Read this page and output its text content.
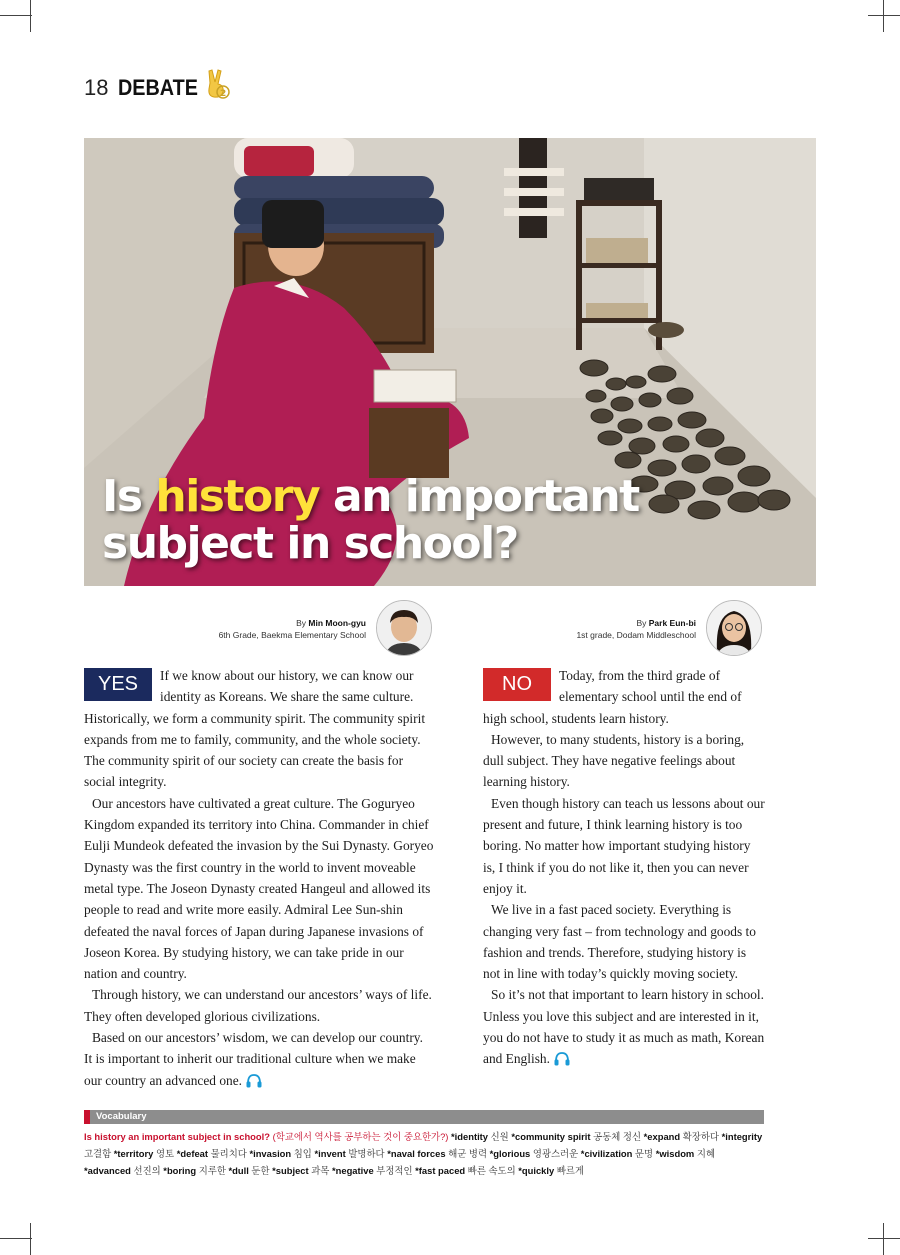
18 DEBATE 2
Is history an important
subject in school?
By Min Moon-gyu
6th Grade, Baekma Elementary School
By Park Eun-bi
1st grade, Dodam Middleschool

YES	If we know about our history, we can know our identity as Koreans. We share the same culture. Historically, we form a community spirit. The community spirit expands from me to family, community, and the whole society. The community spirit of our society can create the basis for social integrity.

Our ancestors have cultivated a great culture. The Goguryeo Kingdom expanded its territory into China. Commander in chief Eulji Mundeok defeated the invasion by the Sui Dynasty. Goryeo Dynasty was the first country in the world to invent moveable metal type. The Joseon Dynasty created Hangeul and allowed its people to read and write more easily. Admiral Lee Sun-shin defeated the naval forces of Japan during Japanese invasions of Joseon Korea. By studying history, we can take pride in our nation and country.

Through history, we can understand our ancestors’ ways of life. They often developed glorious civilizations.

Based on our ancestors’ wisdom, we can develop our country. It is important to inherit our traditional culture when we make our country an advanced one.

NO	Today, from the third grade of elementary school until the end of high school, students learn history.

However, to many students, history is a boring, dull subject. They have negative feelings about learning history.

Even though history can teach us lessons about our present and future, I think learning history is too boring. No matter how important studying history is, I think if you do not like it, then you can never enjoy it.

We live in a fast paced society. Everything is changing very fast – from technology and goods to fashion and trends. Therefore, studying history is not in line with today’s quickly moving society.

So it’s not that important to learn history in school. Unless you love this subject and are interested in it, you do not have to study it as much as math, Korean and English.

Vocabulary

Is history an important subject in school? (학교에서 역사를 공부하는 것이 중요한가?) *identity 신원 *community spirit 공동체 정신 *expand 확장하다 *integrity 고결함 *territory 영토 *defeat 물리치다 *invasion 침입 *invent 발명하다 *naval forces 해군 병력 *glorious 영광스러운 *civilization 문명 *wisdom 지혜 *advanced 선진의 *boring 지루한 *dull 둔한 *subject 과목 *negative 부정적인 *fast paced 빠른 속도의 *quickly 빠르게
